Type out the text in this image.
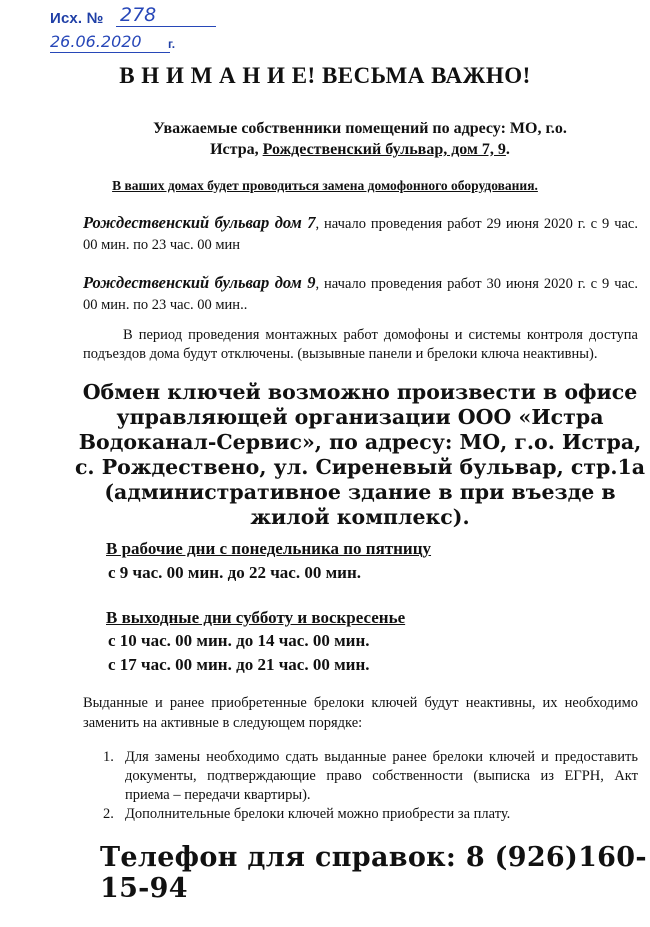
Исх. № 278
26.06.2020 г.
В Н И М А Н И Е! ВЕСЬМА ВАЖНО!
Уважаемые собственники помещений по адресу: МО, г.о.
Истра, Рождественский бульвар, дом 7, 9.
В ваших домах будет проводиться замена домофонного оборудования.
Рождественский бульвар дом 7, начало проведения работ 29 июня 2020 г. с 9 час. 00 мин. по 23 час. 00 мин
Рождественский бульвар дом 9, начало проведения работ 30 июня 2020 г. с 9 час. 00 мин. по 23 час. 00 мин..
В период проведения монтажных работ домофоны и системы контроля доступа подъездов дома будут отключены. (вызывные панели и брелоки ключа неактивны).
Обмен ключей возможно произвести в офисе управляющей организации ООО «Истра Водоканал-Сервис», по адресу: МО, г.о. Истра, с. Рождествено, ул. Сиреневый бульвар, стр.1а (административное здание в при въезде в жилой комплекс).
В рабочие дни с понедельника по пятницу
с 9 час. 00 мин. до 22 час. 00 мин.
В выходные дни субботу и воскресенье
с 10 час. 00 мин. до 14 час. 00 мин.
с 17 час. 00 мин. до 21 час. 00 мин.
Выданные и ранее приобретенные брелоки ключей будут неактивны, их необходимо заменить на активные в следующем порядке:
1. Для замены необходимо сдать выданные ранее брелоки ключей и предоставить документы, подтверждающие право собственности (выписка из ЕГРН, Акт приема – передачи квартиры).
2. Дополнительные брелоки ключей можно приобрести за плату.
Телефон для справок: 8 (926)160-15-94
